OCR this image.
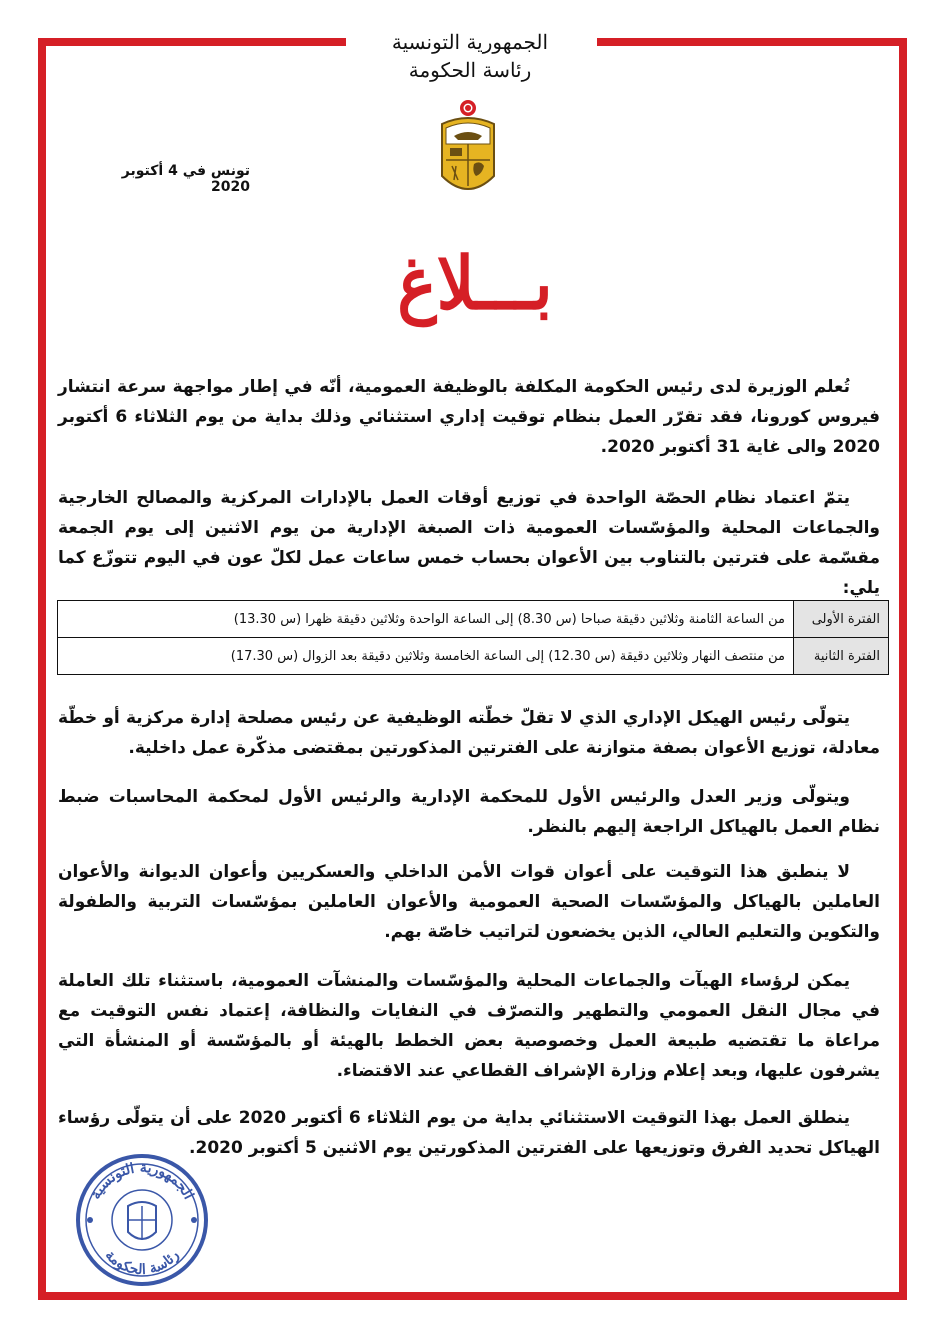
الجمهورية التونسية
رئاسة الحكومة
تونس في 4 أكتوبر 2020
بـــلاغ
تُعلم الوزيرة لدى رئيس الحكومة المكلفة بالوظيفة العمومية، أنّه في إطار مواجهة سرعة انتشار فيروس كورونا، فقد تقرّر العمل بنظام توقيت إداري استثنائي وذلك بداية من يوم الثلاثاء 6 أكتوبر 2020 والى غاية 31 أكتوبر 2020.
يتمّ اعتماد نظام الحصّة الواحدة في توزيع أوقات العمل بالإدارات المركزية والمصالح الخارجية والجماعات المحلية والمؤسّسات العمومية ذات الصبغة الإدارية من يوم الاثنين إلى يوم الجمعة مقسّمة على فترتين بالتناوب بين الأعوان بحساب خمس ساعات عمل لكلّ عون في اليوم تتوزّع كما يلي:
الفترة الأولى	من الساعة الثامنة وثلاثين دقيقة صباحا (س 8.30) إلى الساعة الواحدة وثلاثين دقيقة ظهرا (س 13.30)
الفترة الثانية	من منتصف النهار وثلاثين دقيقة (س 12.30) إلى الساعة الخامسة وثلاثين دقيقة بعد الزوال (س 17.30)
يتولّى رئيس الهيكل الإداري الذي لا تقلّ خطّته الوظيفية عن رئيس مصلحة إدارة مركزية أو خطّة معادلة، توزيع الأعوان بصفة متوازنة على الفترتين المذكورتين بمقتضى مذكّرة عمل داخلية.
ويتولّى وزير العدل والرئيس الأول للمحكمة الإدارية والرئيس الأول لمحكمة المحاسبات ضبط نظام العمل بالهياكل الراجعة إليهم بالنظر.
لا ينطبق هذا التوقيت على أعوان قوات الأمن الداخلي والعسكريين وأعوان الديوانة والأعوان العاملين بالهياكل والمؤسّسات الصحية العمومية والأعوان العاملين بمؤسّسات التربية والطفولة والتكوين والتعليم العالي، الذين يخضعون لتراتيب خاصّة بهم.
يمكن لرؤساء الهيآت والجماعات المحلية والمؤسّسات والمنشآت العمومية، باستثناء تلك العاملة في مجال النقل العمومي والتطهير والتصرّف في النفايات والنظافة، إعتماد نفس التوقيت مع مراعاة ما تقتضيه طبيعة العمل وخصوصية بعض الخطط بالهيئة أو بالمؤسّسة أو المنشأة التي يشرفون عليها، وبعد إعلام وزارة الإشراف القطاعي عند الاقتضاء.
ينطلق العمل بهذا التوقيت الاستثنائي بداية من يوم الثلاثاء 6 أكتوبر 2020 على أن يتولّى رؤساء الهياكل تحديد الفرق وتوزيعها على الفترتين المذكورتين يوم الاثنين 5 أكتوبر 2020.
الجمهورية التونسية
رئاسة الحكومة
